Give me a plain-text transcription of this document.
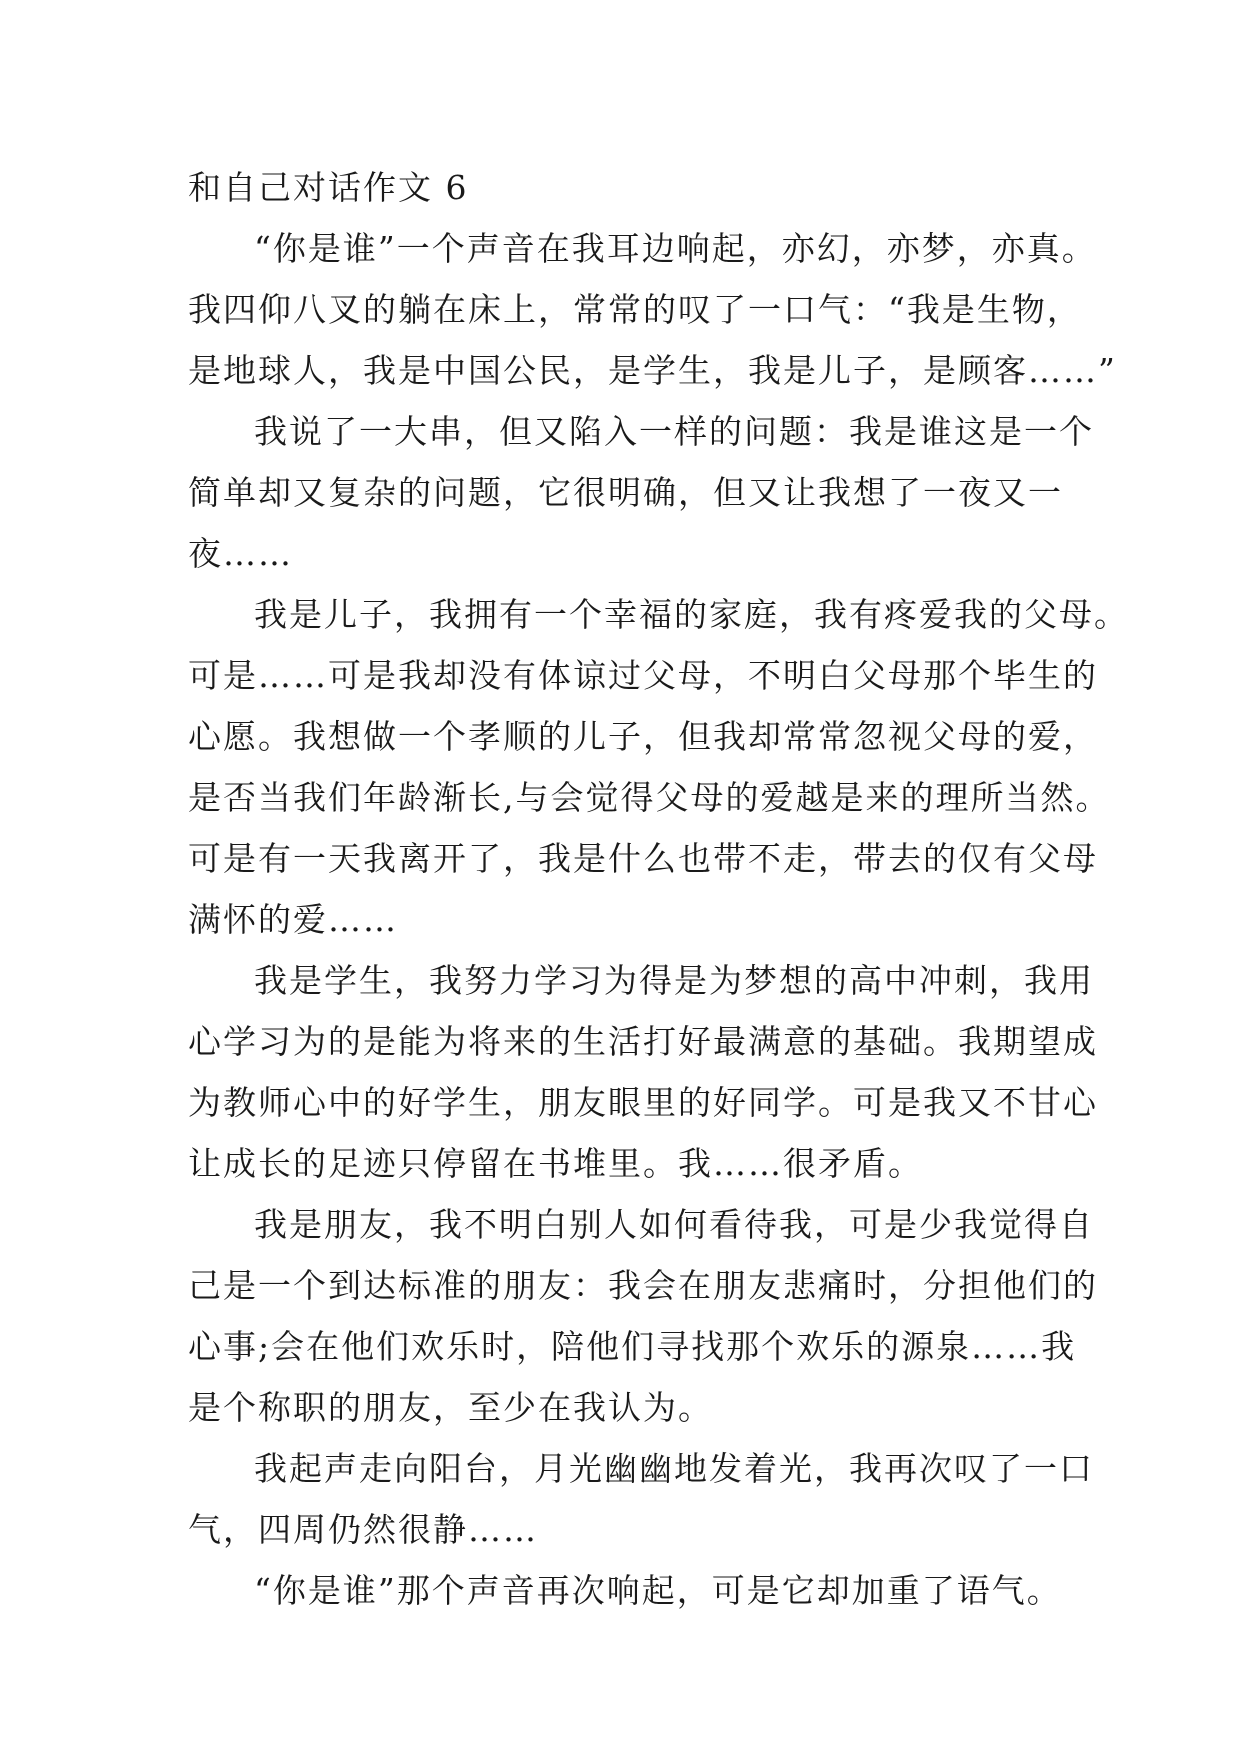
和自己对话作文 6
“你是谁”一个声音在我耳边响起，亦幻，亦梦，亦真。
我四仰八叉的躺在床上，常常的叹了一口气：“我是生物，
是地球人，我是中国公民，是学生，我是儿子，是顾客……”
我说了一大串，但又陷入一样的问题：我是谁这是一个
简单却又复杂的问题，它很明确，但又让我想了一夜又一
夜……
我是儿子，我拥有一个幸福的家庭，我有疼爱我的父母。
可是……可是我却没有体谅过父母，不明白父母那个毕生的
心愿。我想做一个孝顺的儿子，但我却常常忽视父母的爱，
是否当我们年龄渐长,与会觉得父母的爱越是来的理所当然。
可是有一天我离开了，我是什么也带不走，带去的仅有父母
满怀的爱……
我是学生，我努力学习为得是为梦想的高中冲刺，我用
心学习为的是能为将来的生活打好最满意的基础。我期望成
为教师心中的好学生，朋友眼里的好同学。可是我又不甘心
让成长的足迹只停留在书堆里。我……很矛盾。
我是朋友，我不明白别人如何看待我，可是少我觉得自
己是一个到达标准的朋友：我会在朋友悲痛时，分担他们的
心事;会在他们欢乐时，陪他们寻找那个欢乐的源泉……我
是个称职的朋友，至少在我认为。
我起声走向阳台，月光幽幽地发着光，我再次叹了一口
气，四周仍然很静……
“你是谁”那个声音再次响起，可是它却加重了语气。
